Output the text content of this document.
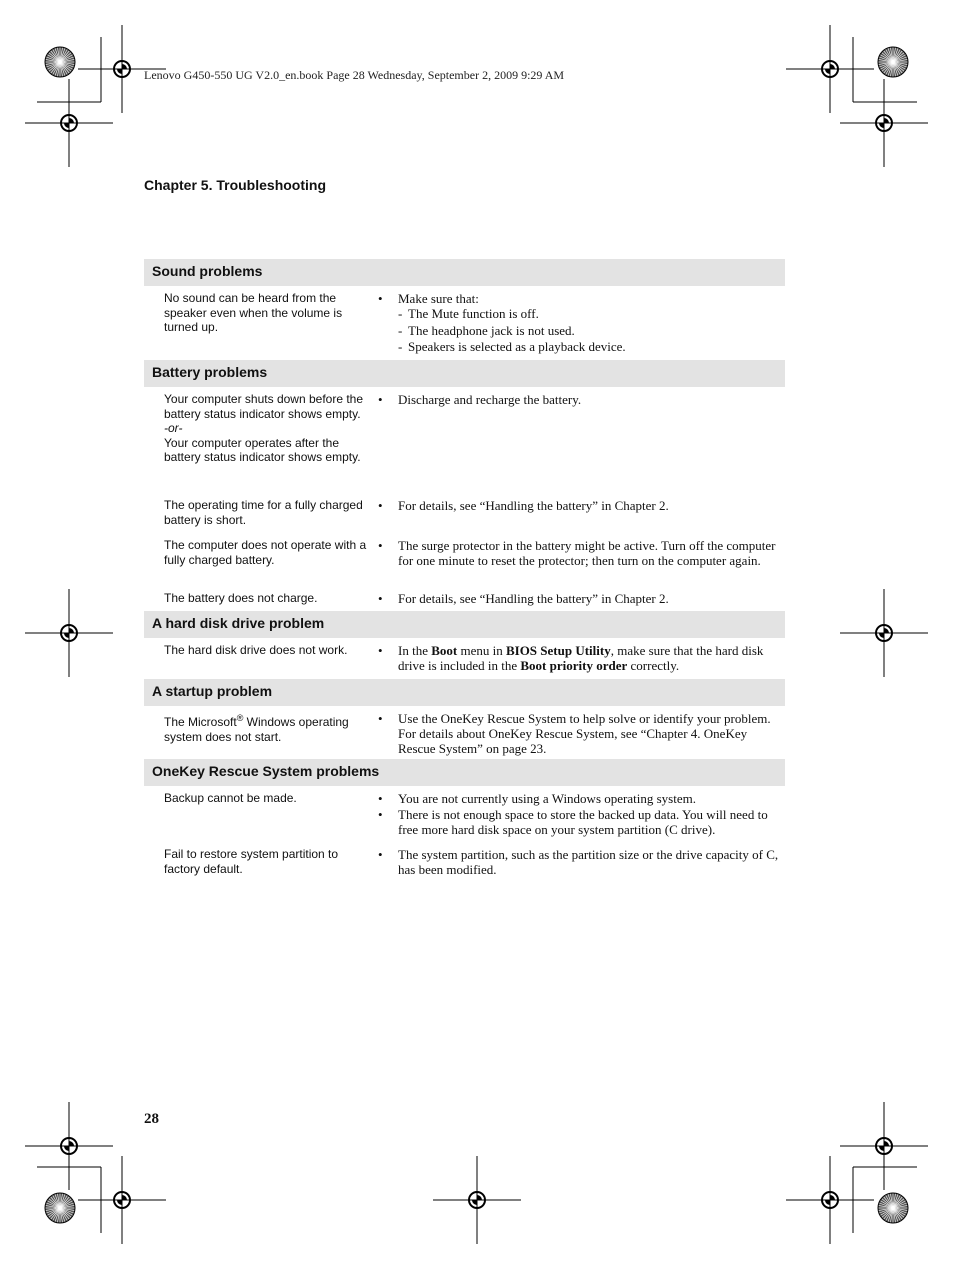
Lenovo G450-550 UG V2.0_en.book Page 28 Wednesday, September 2, 2009 9:29 AM
Chapter 5. Troubleshooting
Sound problems
No sound can be heard from the speaker even when the volume is turned up.
•	Make sure that:
- The Mute function is off.
- The headphone jack is not used.
- Speakers is selected as a playback device.
Battery problems
Your computer shuts down before the battery status indicator shows empty.
-or-
Your computer operates after the battery status indicator shows empty.
•	Discharge and recharge the battery.
The operating time for a fully charged battery is short.
•	For details, see “Handling the battery” in Chapter 2.
The computer does not operate with a fully charged battery.
•	The surge protector in the battery might be active. Turn off the computer for one minute to reset the protector; then turn on the computer again.
The battery does not charge.	•	For details, see “Handling the battery” in Chapter 2.
A hard disk drive problem
The hard disk drive does not work.	•	In the Boot menu in BIOS Setup Utility, make sure that the hard disk drive is included in the Boot priority order correctly.
A startup problem
The Microsoft® Windows operating system does not start.
•	Use the OneKey Rescue System to help solve or identify your problem. For details about OneKey Rescue System, see “Chapter 4. OneKey Rescue System” on page 23.
OneKey Rescue System problems
Backup cannot be made.	•	You are not currently using a Windows operating system.
•	There is not enough space to store the backed up data. You will need to free more hard disk space on your system partition (C drive).
Fail to restore system partition to factory default.
•	The system partition, such as the partition size or the drive capacity of C, has been modified.
28
